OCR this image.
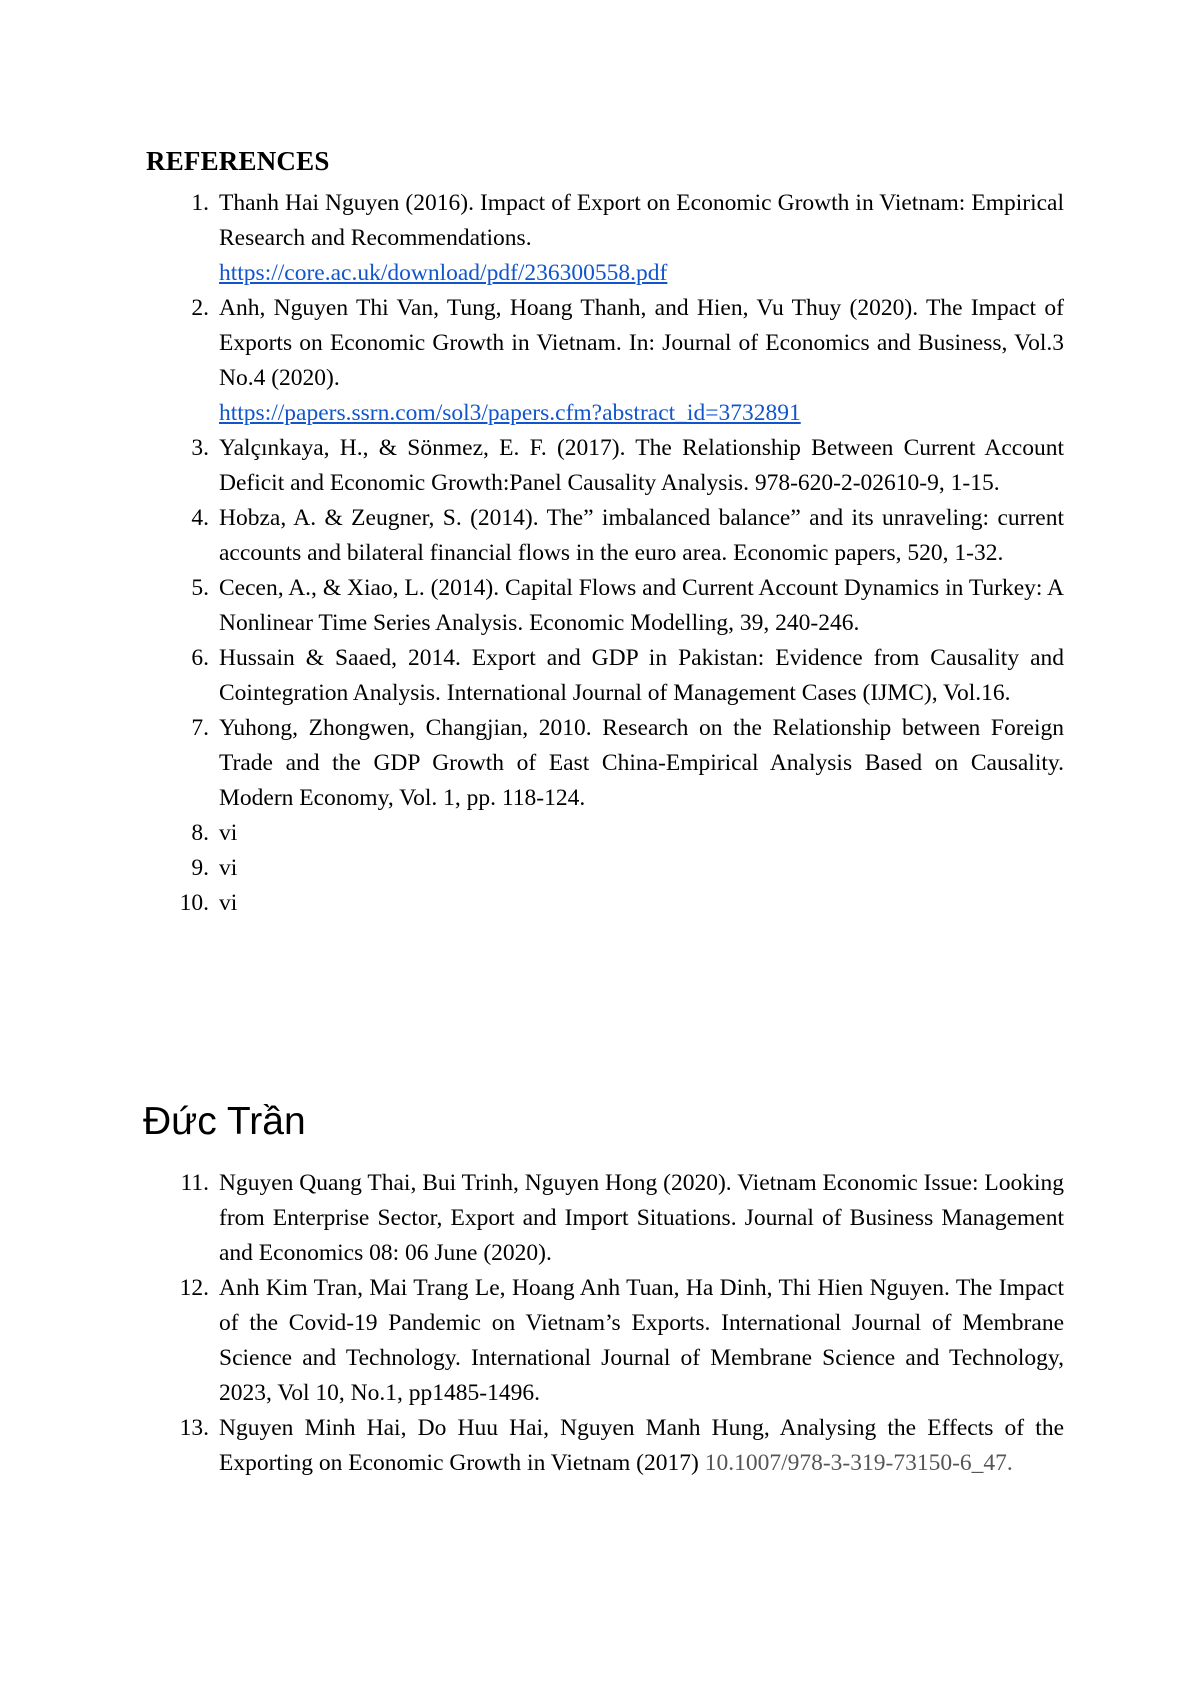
REFERENCES
1. Thanh Hai Nguyen (2016). Impact of Export on Economic Growth in Vietnam: Empirical Research and Recommendations.
https://core.ac.uk/download/pdf/236300558.pdf
2. Anh, Nguyen Thi Van, Tung, Hoang Thanh, and Hien, Vu Thuy (2020). The Impact of Exports on Economic Growth in Vietnam. In: Journal of Economics and Business, Vol.3 No.4 (2020).
https://papers.ssrn.com/sol3/papers.cfm?abstract_id=3732891
3. Yalçınkaya, H., & Sönmez, E. F. (2017). The Relationship Between Current Account Deficit and Economic Growth:Panel Causality Analysis. 978-620-2-02610-9, 1-15.
4. Hobza, A. & Zeugner, S. (2014). The” imbalanced balance” and its unraveling: current accounts and bilateral financial flows in the euro area. Economic papers, 520, 1-32.
5. Cecen, A., & Xiao, L. (2014). Capital Flows and Current Account Dynamics in Turkey: A Nonlinear Time Series Analysis. Economic Modelling, 39, 240-246.
6. Hussain & Saaed, 2014. Export and GDP in Pakistan: Evidence from Causality and Cointegration Analysis. International Journal of Management Cases (IJMC), Vol.16.
7. Yuhong, Zhongwen, Changjian, 2010. Research on the Relationship between Foreign Trade and the GDP Growth of East China-Empirical Analysis Based on Causality. Modern Economy, Vol. 1, pp. 118-124.
8. vi
9. vi
10. vi
Đức Trần
11. Nguyen Quang Thai, Bui Trinh, Nguyen Hong (2020). Vietnam Economic Issue: Looking from Enterprise Sector, Export and Import Situations. Journal of Business Management and Economics 08: 06 June (2020).
12. Anh Kim Tran, Mai Trang Le, Hoang Anh Tuan, Ha Dinh, Thi Hien Nguyen. The Impact of the Covid-19 Pandemic on Vietnam’s Exports. International Journal of Membrane Science and Technology. International Journal of Membrane Science and Technology, 2023, Vol 10, No.1, pp1485-1496.
13. Nguyen Minh Hai, Do Huu Hai, Nguyen Manh Hung, Analysing the Effects of the Exporting on Economic Growth in Vietnam (2017) 10.1007/978-3-319-73150-6_47.
